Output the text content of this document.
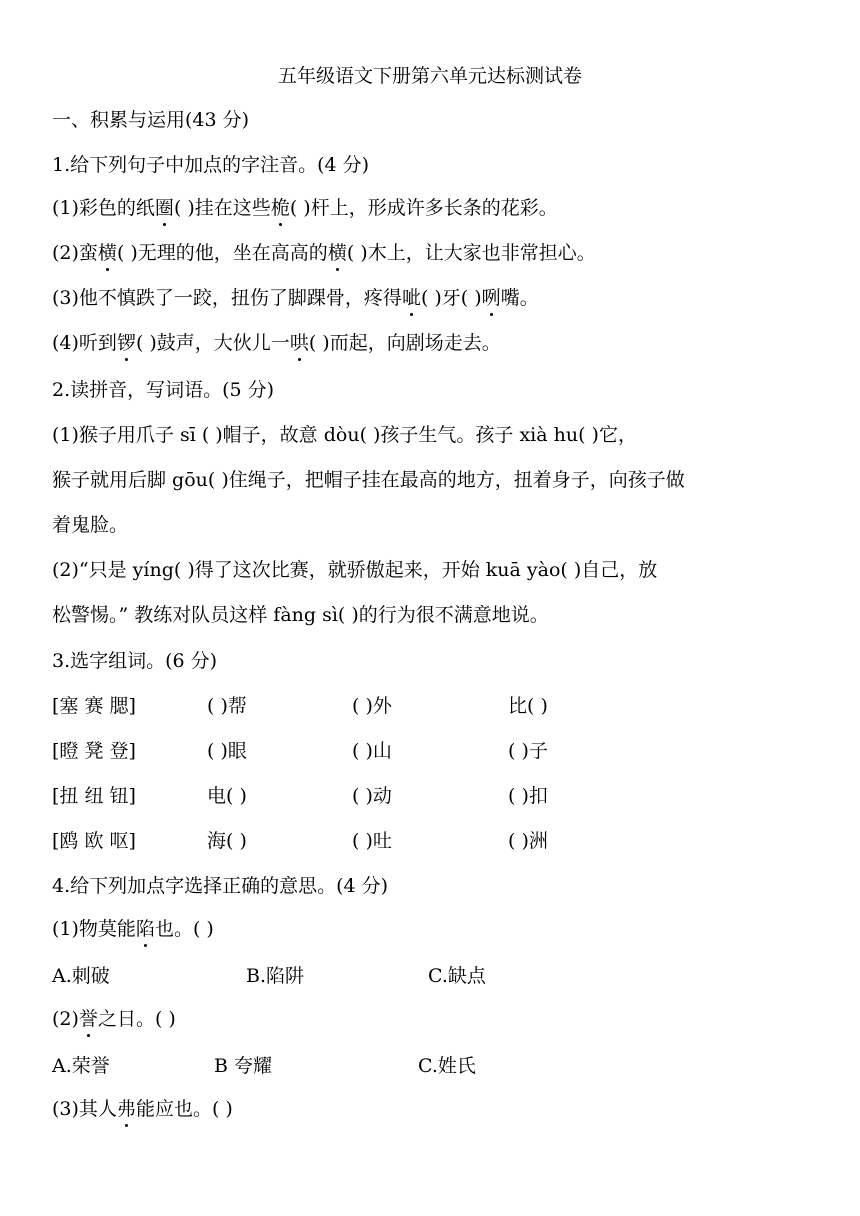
五年级语文下册第六单元达标测试卷
一、积累与运用(43 分)
1.给下列句子中加点的字注音。(4 分)
(1)彩色的纸圈( )挂在这些桅( )杆上，形成许多长条的花彩。
(2)蛮横( )无理的他，坐在高高的横( )木上，让大家也非常担心。
(3)他不慎跌了一跤，扭伤了脚踝骨，疼得呲( )牙( )咧嘴。
(4)听到锣( )鼓声，大伙儿一哄( )而起，向剧场走去。
2.读拼音，写词语。(5 分)
(1)猴子用爪子 sī ( )帽子，故意 dòu( )孩子生气。孩子 xià hu( )它，
猴子就用后脚 gōu( )住绳子，把帽子挂在最高的地方，扭着身子，向孩子做
着鬼脸。
(2)“只是 yíng( )得了这次比赛，就骄傲起来，开始 kuā yào( )自己，放
松警惕。” 教练对队员这样 fàng sì( )的行为很不满意地说。
3.选字组词。(6 分)
[塞 赛 腮]	( )帮	( )外	比( )
[瞪 凳 登]	( )眼	( )山	( )子
[扭 纽 钮]	电( )	( )动	( )扣
[鸥 欧 呕]	海( )	( )吐	( )洲
4.给下列加点字选择正确的意思。(4 分)
(1)物莫能陷也。( )
A.刺破	B.陷阱	C.缺点
(2)誉之日。( )
A.荣誉	B 夸耀	C.姓氏
(3)其人弗能应也。( )
